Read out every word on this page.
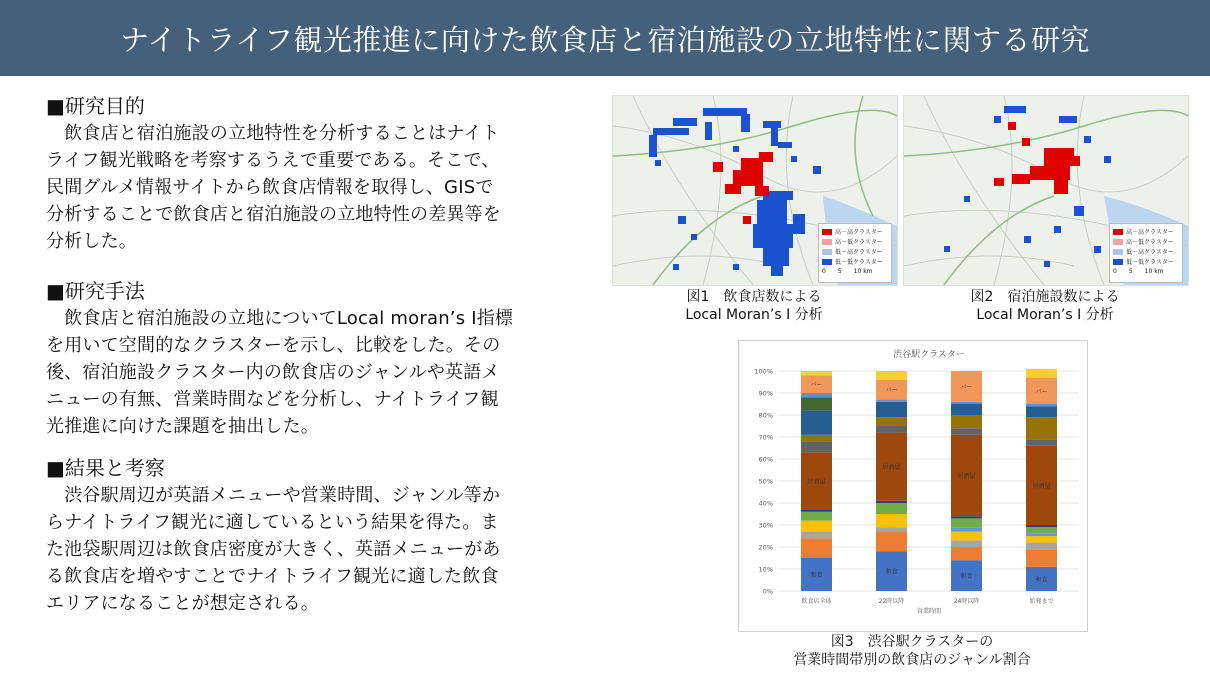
ナイトライフ観光推進に向けた飲食店と宿泊施設の立地特性に関する研究
■研究目的
　飲食店と宿泊施設の立地特性を分析することはナイト
ライフ観光戦略を考察するうえで重要である。そこで、
民間グルメ情報サイトから飲食店情報を取得し、GISで
分析することで飲食店と宿泊施設の立地特性の差異等を
分析した。
■研究手法
　飲食店と宿泊施設の立地についてLocal moran’s I指標
を用いて空間的なクラスターを示し、比較をした。その
後、宿泊施設クラスター内の飲食店のジャンルや英語メ
ニューの有無、営業時間などを分析し、ナイトライフ観
光推進に向けた課題を抽出した。
■結果と考察
　渋谷駅周辺が英語メニューや営業時間、ジャンル等か
らナイトライフ観光に適しているという結果を得た。ま
た池袋駅周辺は飲食店密度が大きく、英語メニューがあ
る飲食店を増やすことでナイトライフ観光に適した飲食
エリアになることが想定される。
高－高クラスター
高－低クラスター
低－高クラスター
低－低クラスター
0 5 10 km
図1　飲食店数による
Local Moran’s I 分析
高－高クラスター
高－低クラスター
低－高クラスター
低－低クラスター
0 5 10 km
図2　宿泊施設数による
Local Moran’s I 分析
渋谷駅クラスター
0%
10%
20%
30%
40%
50%
60%
70%
80%
90%
100%
和食
居酒屋
バー
飲食店全体
和食
居酒屋
バー
22時以降
和食
居酒屋
バー
24時以降
和食
居酒屋
バー
始発まで
営業時間
図3　渋谷駅クラスターの
営業時間帯別の飲食店のジャンル割合
